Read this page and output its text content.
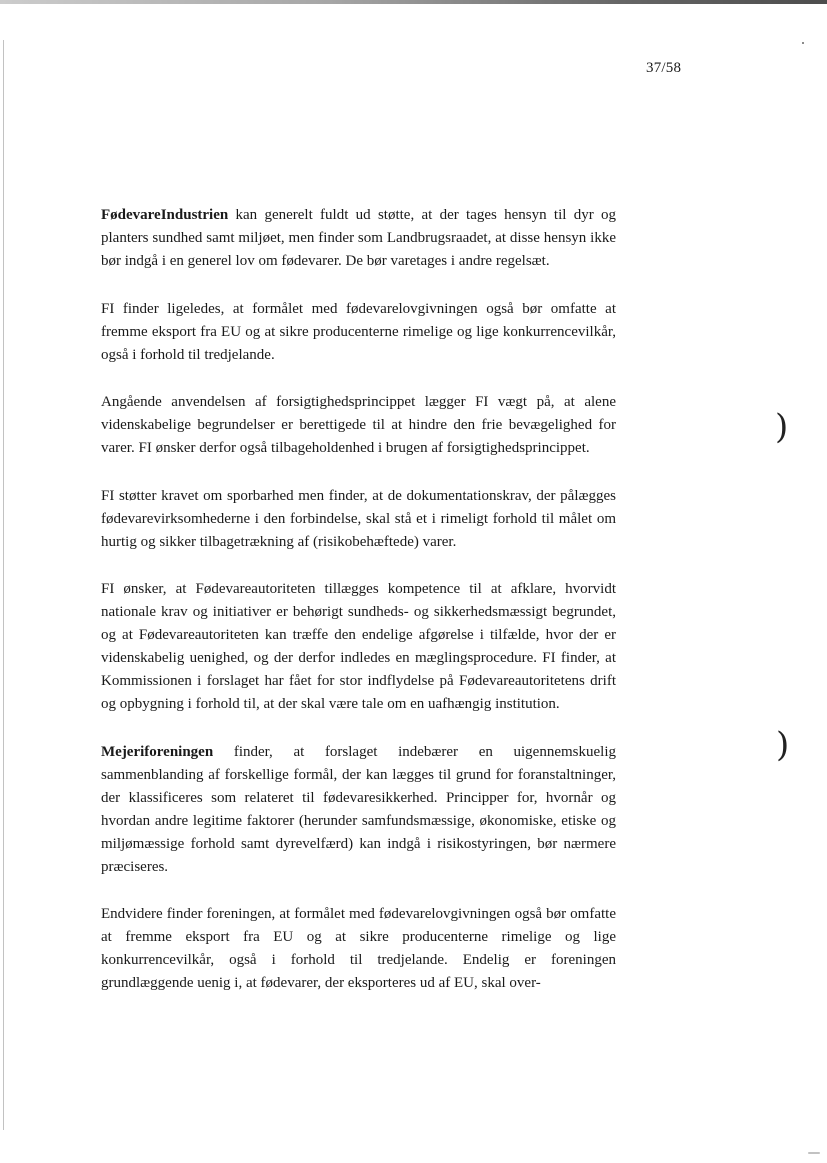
37/58

FødevareIndustrien kan generelt fuldt ud støtte, at der tages hensyn til dyr og planters sundhed samt miljøet, men finder som Landbrugsraadet, at disse hensyn ikke bør indgå i en generel lov om fødevarer. De bør varetages i andre regelsæt.

FI finder ligeledes, at formålet med fødevarelovgivningen også bør omfatte at fremme eksport fra EU og at sikre producenterne rimelige og lige konkurrencevilkår, også i forhold til tredjelande.

Angående anvendelsen af forsigtighedsprincippet lægger FI vægt på, at alene videnskabelige begrundelser er berettigede til at hindre den frie bevægelighed for varer. FI ønsker derfor også tilbageholdenhed i brugen af forsigtighedsprincippet.

FI støtter kravet om sporbarhed men finder, at de dokumentationskrav, der pålægges fødevarevirksomhederne i den forbindelse, skal stå et i rimeligt forhold til målet om hurtig og sikker tilbagetrækning af (risikobehæftede) varer.

FI ønsker, at Fødevareautoriteten tillægges kompetence til at afklare, hvorvidt nationale krav og initiativer er behørigt sundheds- og sikkerhedsmæssigt begrundet, og at Fødevareautoriteten kan træffe den endelige afgørelse i tilfælde, hvor der er videnskabelig uenighed, og der derfor indledes en mæglingsprocedure. FI finder, at Kommissionen i forslaget har fået for stor indflydelse på Fødevareautoritetens drift og opbygning i forhold til, at der skal være tale om en uafhængig institution.

Mejeriforeningen finder, at forslaget indebærer en uigennemskuelig sammenblanding af forskellige formål, der kan lægges til grund for foranstaltninger, der klassificeres som relateret til fødevaresikkerhed. Principper for, hvornår og hvordan andre legitime faktorer (herunder samfundsmæssige, økonomiske, etiske og miljømæssige forhold samt dyrevelfærd) kan indgå i risikostyringen, bør nærmere præciseres.

Endvidere finder foreningen, at formålet med fødevarelovgivningen også bør omfatte at fremme eksport fra EU og at sikre producenterne rimelige og lige konkurrencevilkår, også i forhold til tredjelande. Endelig er foreningen grundlæggende uenig i, at fødevarer, der eksporteres ud af EU, skal over-

)
)
